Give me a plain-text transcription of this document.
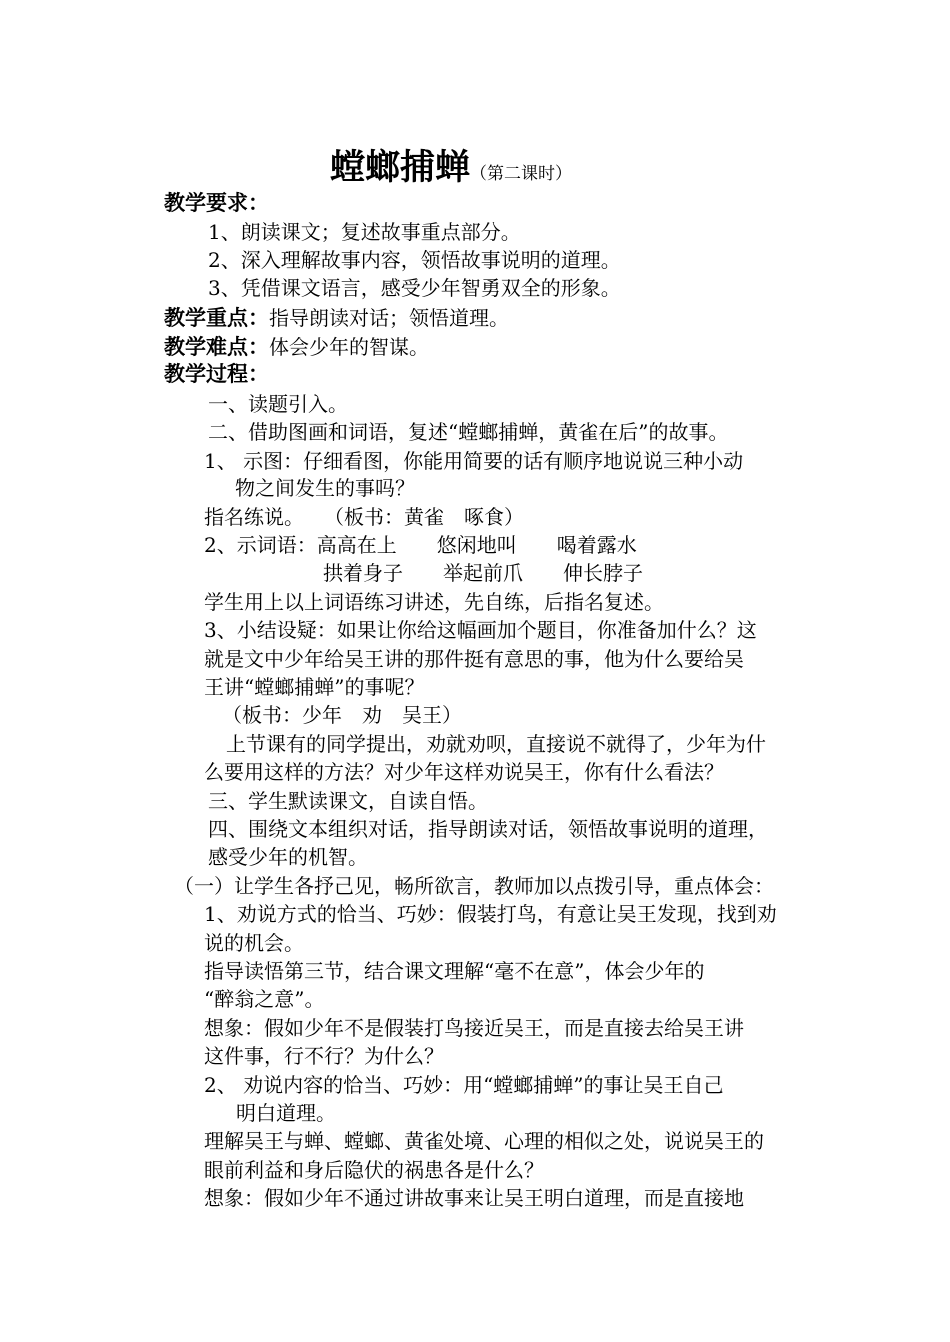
螳螂捕蝉（第二课时）
教学要求：
1、朗读课文；复述故事重点部分。
2、深入理解故事内容，领悟故事说明的道理。
3、凭借课文语言，感受少年智勇双全的形象。
教学重点：指导朗读对话；领悟道理。
教学难点：体会少年的智谋。
教学过程：
一、读题引入。
二、借助图画和词语，复述“螳螂捕蝉，黄雀在后”的故事。
1、 示图：仔细看图，你能用简要的话有顺序地说说三种小动
物之间发生的事吗？
指名练说。　　（板书：黄雀　啄食）
2、示词语：高高在上　　悠闲地叫　　喝着露水
拱着身子　　举起前爪　　伸长脖子
学生用上以上词语练习讲述，先自练，后指名复述。
3、小结设疑：如果让你给这幅画加个题目，你准备加什么？这
就是文中少年给吴王讲的那件挺有意思的事，他为什么要给吴
王讲“螳螂捕蝉”的事呢？
（板书：少年　劝　吴王）
上节课有的同学提出，劝就劝呗，直接说不就得了，少年为什
么要用这样的方法？对少年这样劝说吴王，你有什么看法？
三、学生默读课文，自读自悟。
四、围绕文本组织对话，指导朗读对话，领悟故事说明的道理，
感受少年的机智。
（一）让学生各抒己见，畅所欲言，教师加以点拨引导，重点体会：
1、劝说方式的恰当、巧妙：假装打鸟，有意让吴王发现，找到劝
说的机会。
指导读悟第三节，结合课文理解“毫不在意”，体会少年的
“醉翁之意”。
想象：假如少年不是假装打鸟接近吴王，而是直接去给吴王讲
这件事，行不行？为什么？
2、 劝说内容的恰当、巧妙：用“螳螂捕蝉”的事让吴王自己
明白道理。
理解吴王与蝉、螳螂、黄雀处境、心理的相似之处，说说吴王的
眼前利益和身后隐伏的祸患各是什么？
想象：假如少年不通过讲故事来让吴王明白道理，而是直接地
